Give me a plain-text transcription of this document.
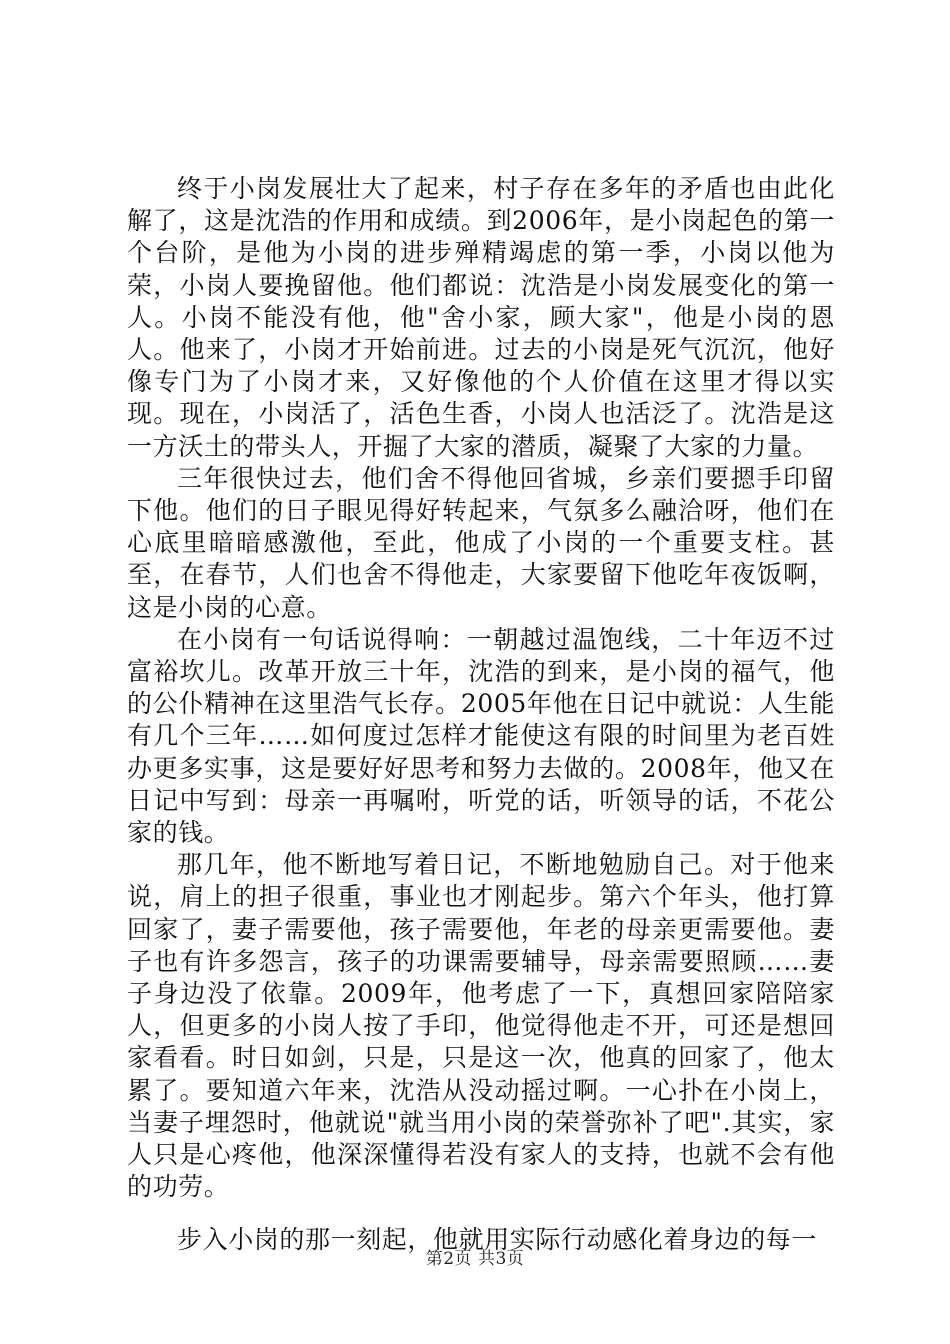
终于小岗发展壮大了起来，村子存在多年的矛盾也由此化解了，这是沈浩的作用和成绩。到2006年，是小岗起色的第一个台阶，是他为小岗的进步殚精竭虑的第一季，小岗以他为荣，小岗人要挽留他。他们都说：沈浩是小岗发展变化的第一人。小岗不能没有他，他"舍小家，顾大家"，他是小岗的恩人。他来了，小岗才开始前进。过去的小岗是死气沉沉，他好像专门为了小岗才来，又好像他的个人价值在这里才得以实现。现在，小岗活了，活色生香，小岗人也活泛了。沈浩是这一方沃土的带头人，开掘了大家的潜质，凝聚了大家的力量。

三年很快过去，他们舍不得他回省城，乡亲们要摁手印留下他。他们的日子眼见得好转起来，气氛多么融洽呀，他们在心底里暗暗感激他，至此，他成了小岗的一个重要支柱。甚至，在春节，人们也舍不得他走，大家要留下他吃年夜饭啊，这是小岗的心意。

在小岗有一句话说得响：一朝越过温饱线，二十年迈不过富裕坎儿。改革开放三十年，沈浩的到来，是小岗的福气，他的公仆精神在这里浩气长存。2005年他在日记中就说：人生能有几个三年……如何度过怎样才能使这有限的时间里为老百姓办更多实事，这是要好好思考和努力去做的。2008年，他又在日记中写到：母亲一再嘱咐，听党的话，听领导的话，不花公家的钱。

那几年，他不断地写着日记，不断地勉励自己。对于他来说，肩上的担子很重，事业也才刚起步。第六个年头，他打算回家了，妻子需要他，孩子需要他，年老的母亲更需要他。妻子也有许多怨言，孩子的功课需要辅导，母亲需要照顾……妻子身边没了依靠。2009年，他考虑了一下，真想回家陪陪家人，但更多的小岗人按了手印，他觉得他走不开，可还是想回家看看。时日如剑，只是，只是这一次，他真的回家了，他太累了。要知道六年来，沈浩从没动摇过啊。一心扑在小岗上，当妻子埋怨时，他就说"就当用小岗的荣誉弥补了吧".其实，家人只是心疼他，他深深懂得若没有家人的支持，也就不会有他的功劳。

步入小岗的那一刻起，他就用实际行动感化着身边的每一

第2页 共3页
